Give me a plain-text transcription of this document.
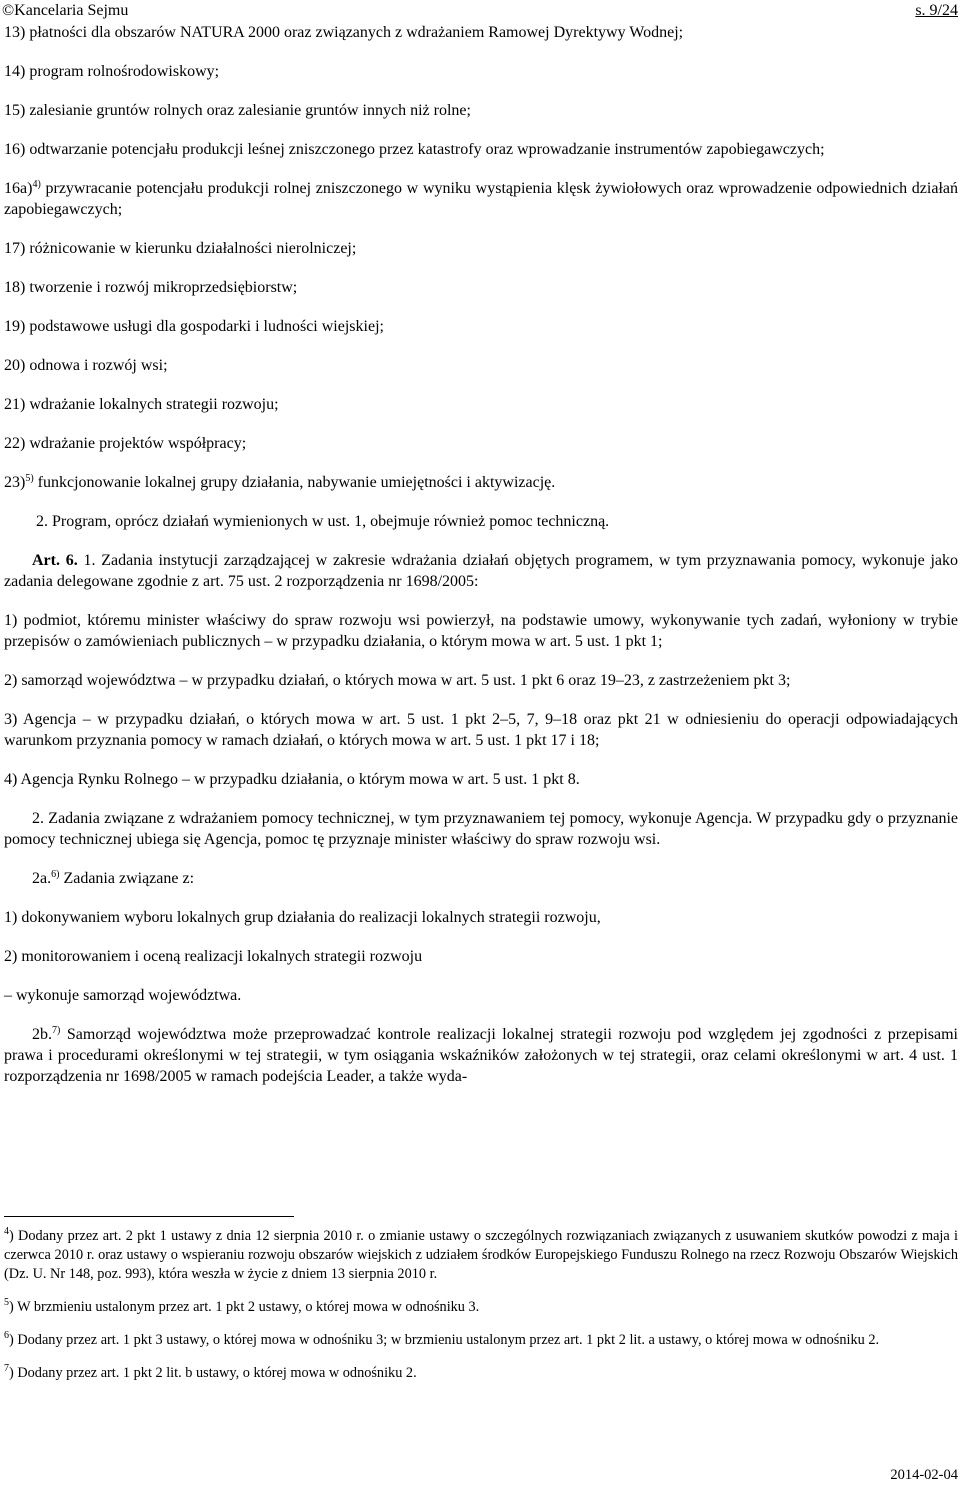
©Kancelaria Sejmu	s. 9/24

13) płatności dla obszarów NATURA 2000 oraz związanych z wdrażaniem Ramowej Dyrektywy Wodnej;

14) program rolnośrodowiskowy;

15) zalesianie gruntów rolnych oraz zalesianie gruntów innych niż rolne;

16) odtwarzanie potencjału produkcji leśnej zniszczonego przez katastrofy oraz wprowadzanie instrumentów zapobiegawczych;

16a)$^{4)}$ przywracanie potencjału produkcji rolnej zniszczonego w wyniku wystąpienia klęsk żywiołowych oraz wprowadzenie odpowiednich działań zapobiegawczych;

17) różnicowanie w kierunku działalności nierolniczej;

18) tworzenie i rozwój mikroprzedsiębiorstw;

19) podstawowe usługi dla gospodarki i ludności wiejskiej;

20) odnowa i rozwój wsi;

21) wdrażanie lokalnych strategii rozwoju;

22) wdrażanie projektów współpracy;

23)$^{5)}$ funkcjonowanie lokalnej grupy działania, nabywanie umiejętności i aktywizację.

2. Program, oprócz działań wymienionych w ust. 1, obejmuje również pomoc techniczną.

Art. 6. 1. Zadania instytucji zarządzającej w zakresie wdrażania działań objętych programem, w tym przyznawania pomocy, wykonuje jako zadania delegowane zgodnie z art. 75 ust. 2 rozporządzenia nr 1698/2005:

1) podmiot, któremu minister właściwy do spraw rozwoju wsi powierzył, na podstawie umowy, wykonywanie tych zadań, wyłoniony w trybie przepisów o zamówieniach publicznych – w przypadku działania, o którym mowa w art. 5 ust. 1 pkt 1;

2) samorząd województwa – w przypadku działań, o których mowa w art. 5 ust. 1 pkt 6 oraz 19–23, z zastrzeżeniem pkt 3;

3) Agencja – w przypadku działań, o których mowa w art. 5 ust. 1 pkt 2–5, 7, 9–18 oraz pkt 21 w odniesieniu do operacji odpowiadających warunkom przyznania pomocy w ramach działań, o których mowa w art. 5 ust. 1 pkt 17 i 18;

4) Agencja Rynku Rolnego – w przypadku działania, o którym mowa w art. 5 ust. 1 pkt 8.

2. Zadania związane z wdrażaniem pomocy technicznej, w tym przyznawaniem tej pomocy, wykonuje Agencja. W przypadku gdy o przyznanie pomocy technicznej ubiega się Agencja, pomoc tę przyznaje minister właściwy do spraw rozwoju wsi.

2a.$^{6)}$ Zadania związane z:

1) dokonywaniem wyboru lokalnych grup działania do realizacji lokalnych strategii rozwoju,

2) monitorowaniem i oceną realizacji lokalnych strategii rozwoju

– wykonuje samorząd województwa.

2b.$^{7)}$ Samorząd województwa może przeprowadzać kontrole realizacji lokalnej strategii rozwoju pod względem jej zgodności z przepisami prawa i procedurami określonymi w tej strategii, w tym osiągania wskaźników założonych w tej strategii, oraz celami określonymi w art. 4 ust. 1 rozporządzenia nr 1698/2005 w ramach podejścia Leader, a także wyda-

$^4$) Dodany przez art. 2 pkt 1 ustawy z dnia 12 sierpnia 2010 r. o zmianie ustawy o szczególnych rozwiązaniach związanych z usuwaniem skutków powodzi z maja i czerwca 2010 r. oraz ustawy o wspieraniu rozwoju obszarów wiejskich z udziałem środków Europejskiego Funduszu Rolnego na rzecz Rozwoju Obszarów Wiejskich (Dz. U. Nr 148, poz. 993), która weszła w życie z dniem 13 sierpnia 2010 r.

$^5$) W brzmieniu ustalonym przez art. 1 pkt 2 ustawy, o której mowa w odnośniku 3.

$^6$) Dodany przez art. 1 pkt 3 ustawy, o której mowa w odnośniku 3; w brzmieniu ustalonym przez art. 1 pkt 2 lit. a ustawy, o której mowa w odnośniku 2.

$^7$) Dodany przez art. 1 pkt 2 lit. b ustawy, o której mowa w odnośniku 2.

2014-02-04
